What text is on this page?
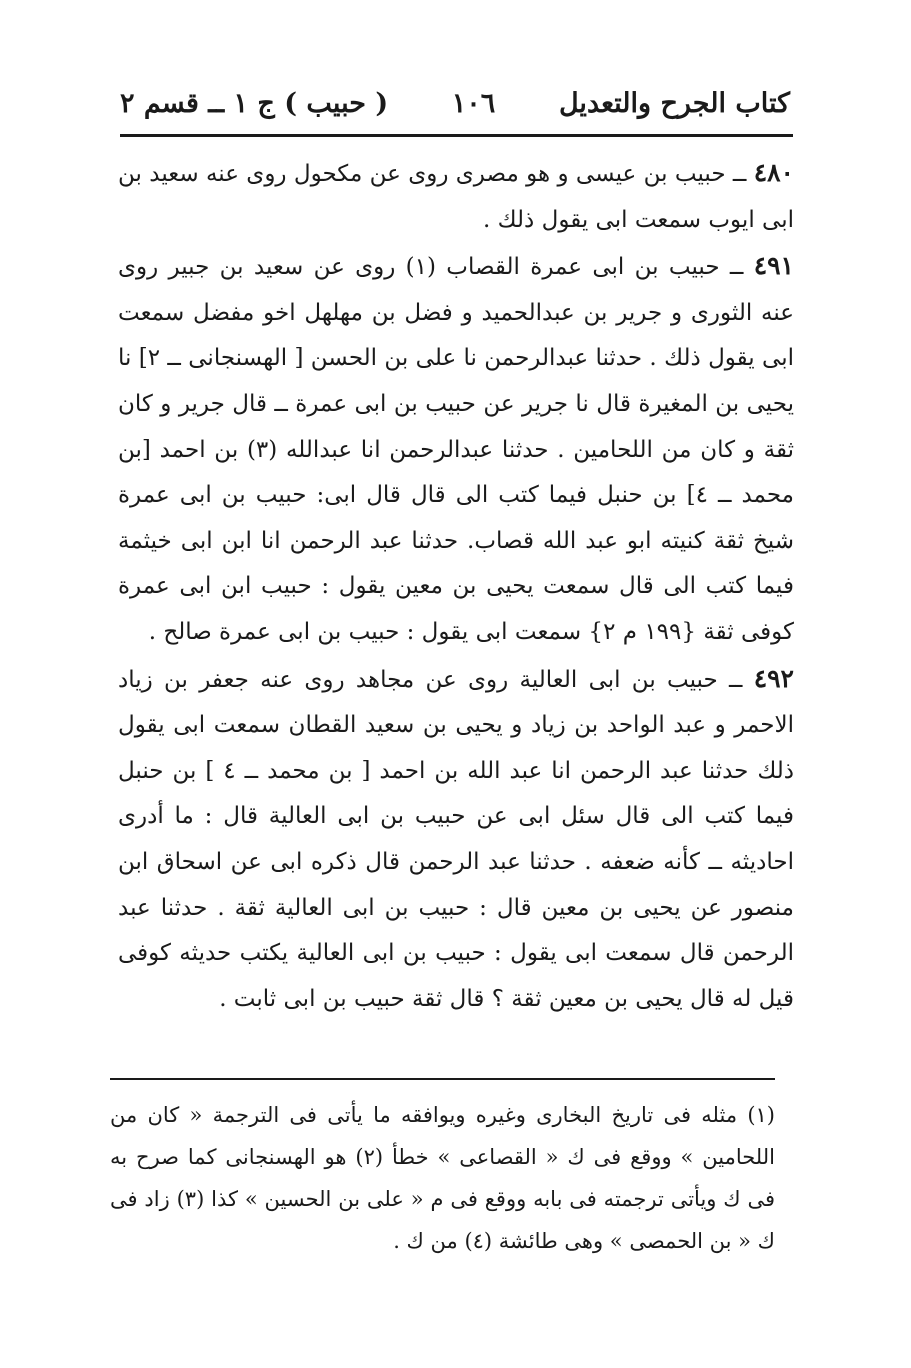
كتاب الجرح والتعديل
١٠٦
( حبيب ) ج ١ ــ قسم ٢

٤٨٠ ــ حبيب بن عيسى و هو مصرى روى عن مكحول روى عنه سعيد بن ابى ايوب سمعت ابى يقول ذلك .

٤٩١ ــ حبيب بن ابى عمرة القصاب (١) روى عن سعيد بن جبير روى عنه الثورى و جرير بن عبدالحميد و فضل بن مهلهل اخو مفضل سمعت ابى يقول ذلك . حدثنا عبدالرحمن نا على بن الحسن [ الهسنجانى ــ ٢] نا يحيى بن المغيرة قال نا جرير عن حبيب بن ابى عمرة ــ قال جرير و كان ثقة و كان من اللحامين . حدثنا عبدالرحمن انا عبدالله (٣) بن احمد [بن محمد ــ ٤] بن حنبل فيما كتب الى قال قال ابى: حبيب بن ابى عمرة شيخ ثقة كنيته ابو عبد الله قصاب. حدثنا عبد الرحمن انا ابن ابى خيثمة فيما كتب الى قال سمعت يحيى بن معين يقول : حبيب ابن ابى عمرة كوفى ثقة {١٩٩ م ٢} سمعت ابى يقول : حبيب بن ابى عمرة صالح .

٤٩٢ ــ حبيب بن ابى العالية روى عن مجاهد روى عنه جعفر بن زياد الاحمر و عبد الواحد بن زياد و يحيى بن سعيد القطان سمعت ابى يقول ذلك حدثنا عبد الرحمن انا عبد الله بن احمد [ بن محمد ــ ٤ ] بن حنبل فيما كتب الى قال سئل ابى عن حبيب بن ابى العالية قال : ما أدرى احاديثه ــ كأنه ضعفه . حدثنا عبد الرحمن قال ذكره ابى عن اسحاق ابن منصور عن يحيى بن معين قال : حبيب بن ابى العالية ثقة . حدثنا عبد الرحمن قال سمعت ابى يقول : حبيب بن ابى العالية يكتب حديثه كوفى قيل له قال يحيى بن معين ثقة ؟ قال ثقة حبيب بن ابى ثابت .

(١) مثله فى تاريخ البخارى وغيره ويوافقه ما يأتى فى الترجمة « كان من اللحامين » ووقع فى ك « القصاعى » خطأ (٢) هو الهسنجانى كما صرح به فى ك ويأتى ترجمته فى بابه ووقع فى م « على بن الحسين » كذا (٣) زاد فى ك « بن الحمصى » وهى طائشة (٤) من ك .
